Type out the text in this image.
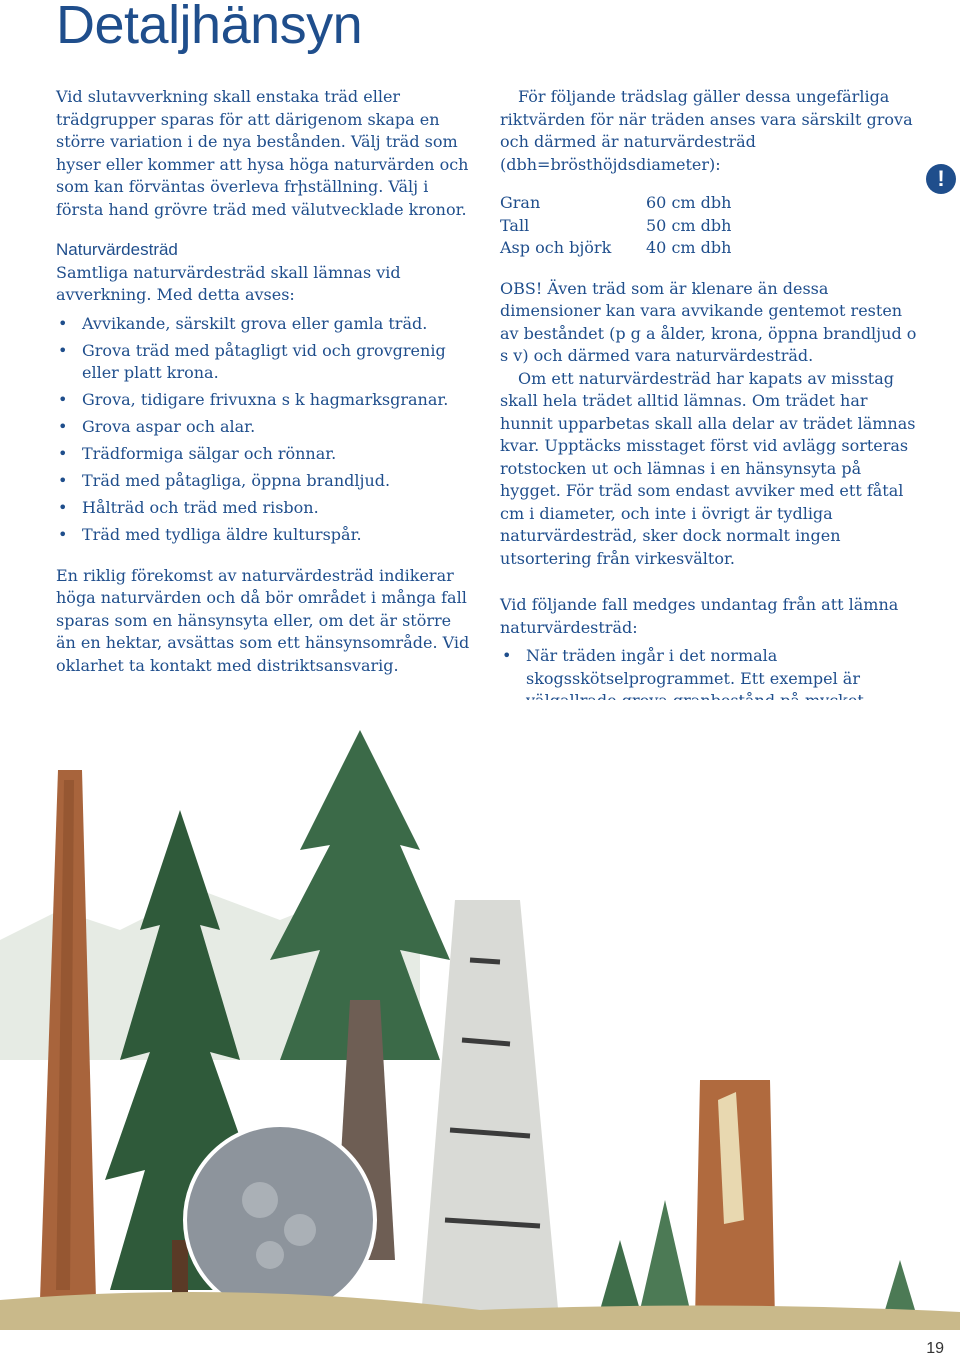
Detaljhänsyn

Vid slutavverkning skall enstaka träd eller trädgrupper sparas för att därigenom skapa en större variation i de nya bestånden. Välj träd som hyser eller kommer att hysa höga naturvärden och som kan förväntas överleva frիställning. Välj i första hand grövre träd med välutvecklade kronor.

Naturvärdesträd

Samtliga naturvärdesträd skall lämnas vid avverkning. Med detta avses:

• Avvikande, särskilt grova eller gamla träd.
• Grova träd med påtagligt vid och grovgrenig eller platt krona.
• Grova, tidigare frivuxna s k hagmarksgranar.
• Grova aspar och alar.
• Trädformiga sälgar och rönnar.
• Träd med påtagliga, öppna brandljud.
• Hålträd och träd med risbon.
• Träd med tydliga äldre kulturspår.

En riklig förekomst av naturvärdesträd indikerar höga naturvärden och då bör området i många fall sparas som en hänsynsyta eller, om det är större än en hektar, avsättas som ett hänsynsområde. Vid oklarhet ta kontakt med distriktsansvarig.

För följande trädslag gäller dessa ungefärliga riktvärden för när träden anses vara särskilt grova och därmed är naturvärdesträd (dbh=brösthöjdsdiameter):

Gran	60 cm dbh
Tall	50 cm dbh
Asp och björk	40 cm dbh

OBS! Även träd som är klenare än dessa dimensioner kan vara avvikande gentemot resten av beståndet (p g a ålder, krona, öppna brandljud o s v) och därmed vara naturvärdesträd.

Om ett naturvärdesträd har kapats av misstag skall hela trädet alltid lämnas. Om trädet har hunnit upparbetas skall alla delar av trädet lämnas kvar. Upptäcks misstaget först vid avlägg sorteras rotstocken ut och lämnas i en hänsynsyta på hygget. För träd som endast avviker med ett fåtal cm i diameter, och inte i övrigt är tydliga naturvärdesträd, sker dock normalt ingen utsortering från virkesvältor.

Vid följande fall medges undantag från att lämna naturvärdesträd:

• När träden ingår i det normala skogsskötselprogrammet. Ett exempel är
•

•
•
•

!
19
